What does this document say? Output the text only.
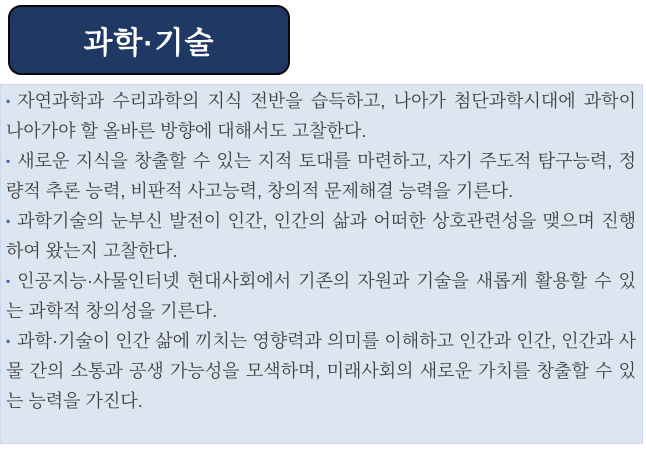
과학·기술

▪ 자연과학과 수리과학의 지식 전반을 습득하고, 나아가 첨단과학시대에 과학이 나아가야 할 올바른 방향에 대해서도 고찰한다.

▪ 새로운 지식을 창출할 수 있는 지적 토대를 마련하고, 자기 주도적 탐구능력, 정량적 추론 능력, 비판적 사고능력, 창의적 문제해결 능력을 기른다.

▪ 과학기술의 눈부신 발전이 인간, 인간의 삶과 어떠한 상호관련성을 맺으며 진행하여 왔는지 고찰한다.

▪ 인공지능·사물인터넷 현대사회에서 기존의 자원과 기술을 새롭게 활용할 수 있는 과학적 창의성을 기른다.

▪ 과학·기술이 인간 삶에 끼치는 영향력과 의미를 이해하고 인간과 인간, 인간과 사물 간의 소통과 공생 가능성을 모색하며, 미래사회의 새로운 가치를 창출할 수 있는 능력을 가진다.
